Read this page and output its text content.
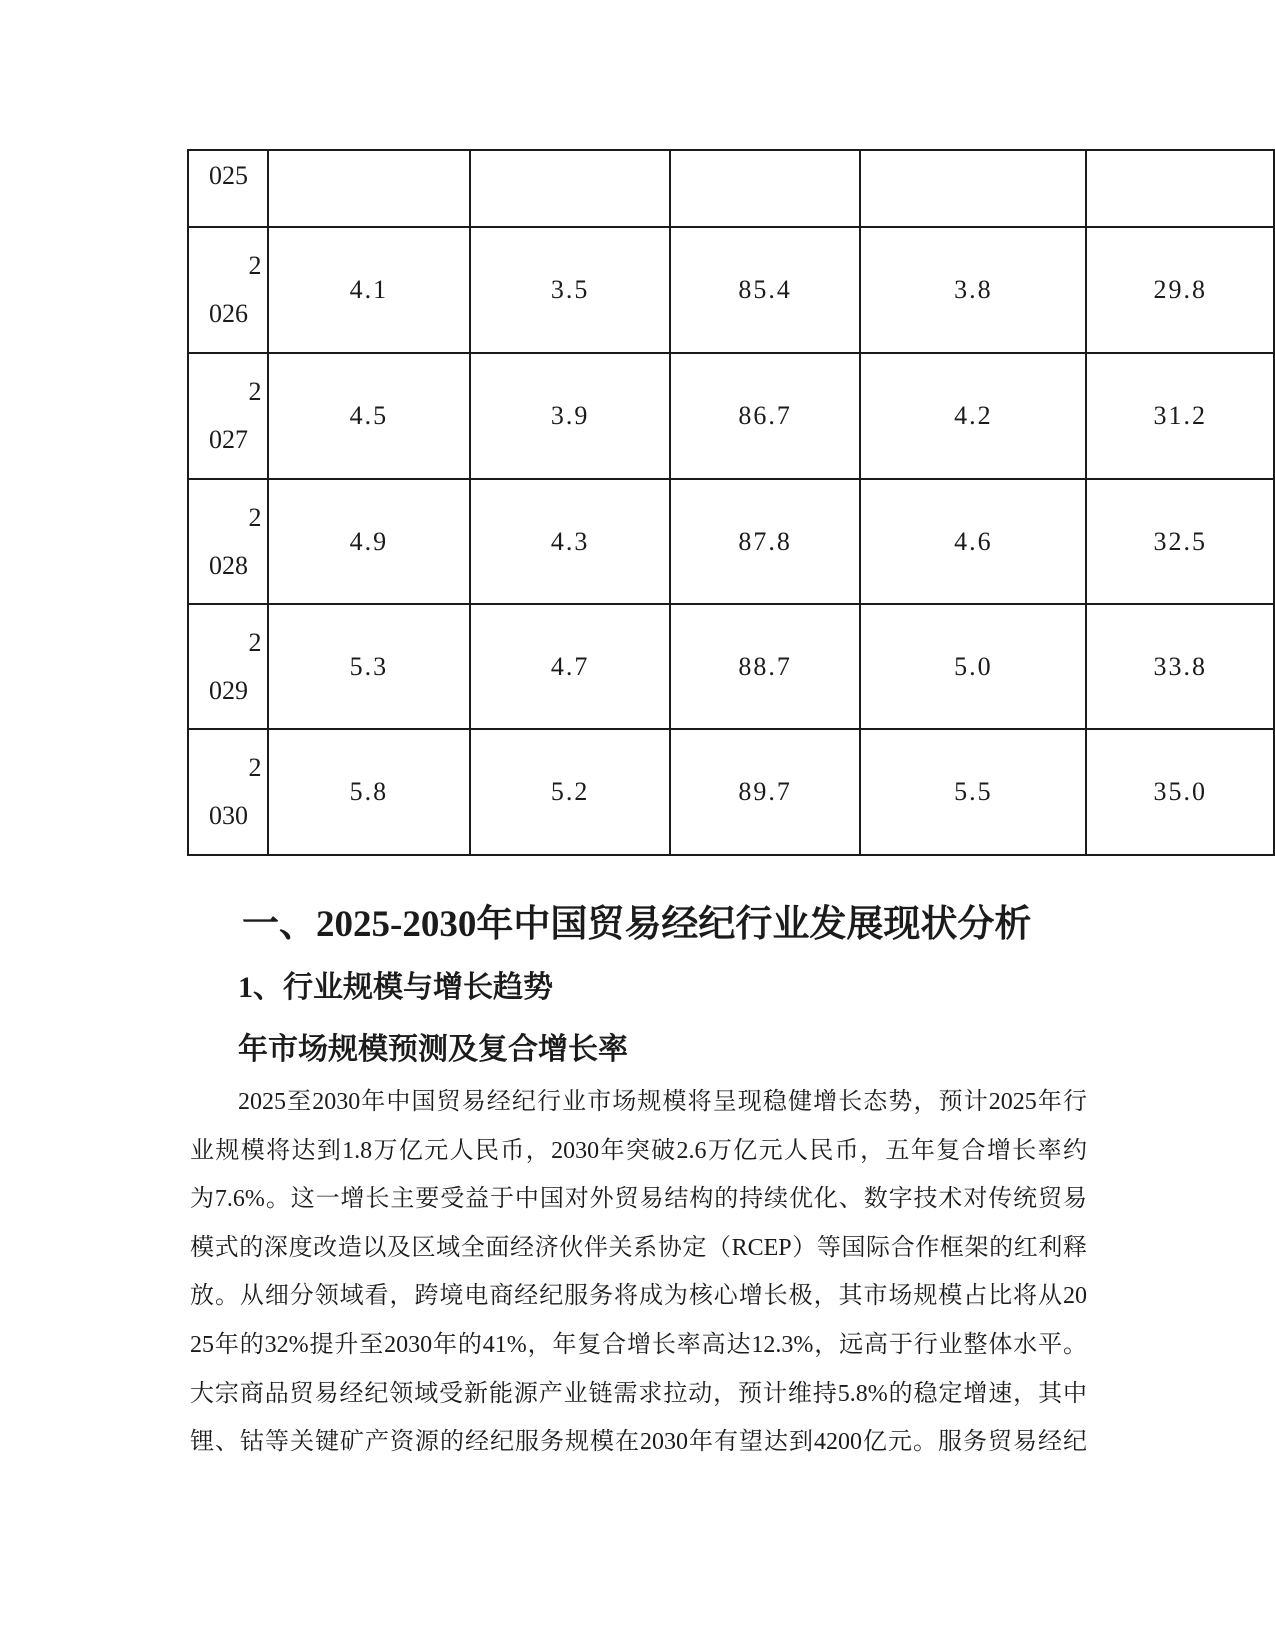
025					

2
026	4.1	3.5	85.4	3.8	29.8

2
027	4.5	3.9	86.7	4.2	31.2

2
028	4.9	4.3	87.8	4.6	32.5

2
029	5.3	4.7	88.7	5.0	33.8

2
030	5.8	5.2	89.7	5.5	35.0
一、2025-2030年中国贸易经纪行业发展现状分析
1、行业规模与增长趋势
年市场规模预测及复合增长率
2025至2030年中国贸易经纪行业市场规模将呈现稳健增长态势，预计2025年行
业规模将达到1.8万亿元人民币，2030年突破2.6万亿元人民币，五年复合增长率约
为7.6%。这一增长主要受益于中国对外贸易结构的持续优化、数字技术对传统贸易
模式的深度改造以及区域全面经济伙伴关系协定（RCEP）等国际合作框架的红利释
放。从细分领域看，跨境电商经纪服务将成为核心增长极，其市场规模占比将从20
25年的32%提升至2030年的41%，年复合增长率高达12.3%，远高于行业整体水平。
大宗商品贸易经纪领域受新能源产业链需求拉动，预计维持5.8%的稳定增速，其中
锂、钴等关键矿产资源的经纪服务规模在2030年有望达到4200亿元。服务贸易经纪
